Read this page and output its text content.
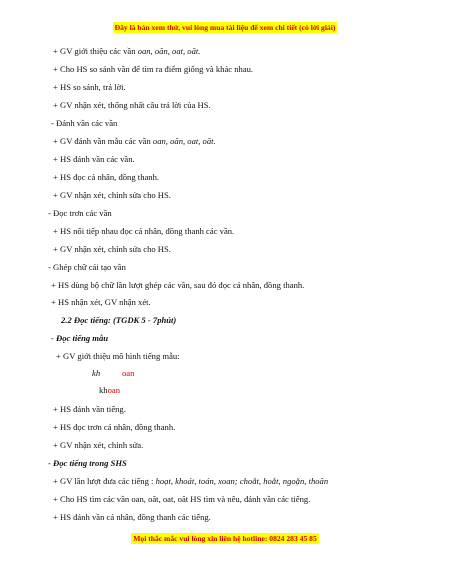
Đây là bản xem thử, vui lòng mua tài liệu để xem chi tiết (có lời giải)
+ GV giới thiệu các vần oan, oăn, oat, oăt.
+ Cho HS so sánh vần để tìm ra điểm giống và khác nhau.
+ HS so sánh, trả lời.
+ GV nhận xét, thống nhất câu trả lời của HS.
- Đánh vần các vần
+ GV đánh vần mẫu các vần oan, oăn, oat, oăt.
+ HS đánh vần các vần.
+ HS đọc cá nhân, đồng thanh.
+ GV nhận xét, chỉnh sửa cho HS.
- Đọc trơn các vần
+ HS nối tiếp nhau đọc cá nhân, đồng thanh các vần.
+ GV nhận xét, chỉnh sửa cho HS.
- Ghép chữ cái tạo vần
+ HS dùng bộ chữ lần lượt ghép các vần, sau đó đọc cá nhân, đồng thanh.
+ HS nhận xét, GV nhận xét.
2.2 Đọc tiếng: (TGDK 5 - 7phút)
- Đọc tiếng mẫu
+ GV giới thiệu mô hình tiếng mẫu:
kh	oan
khoan
+ HS đánh vần tiếng.
+ HS đọc trơn cá nhân, đồng thanh.
+ GV nhận xét, chỉnh sửa.
- Đọc tiếng trong SHS
+ GV lần lượt đưa các tiếng : hoạt, khoát, toán, xoan; choắt, hoắt, ngoặn, thoăn
+ Cho HS tìm các vần oan, oăt, oat, oăt HS tìm và nêu, đánh vần các tiếng.
+ HS đánh vần cá nhân, đồng thanh các tiếng.
Mọi thắc mắc vui lòng xin liên hệ hotline: 0824 283 45 85
